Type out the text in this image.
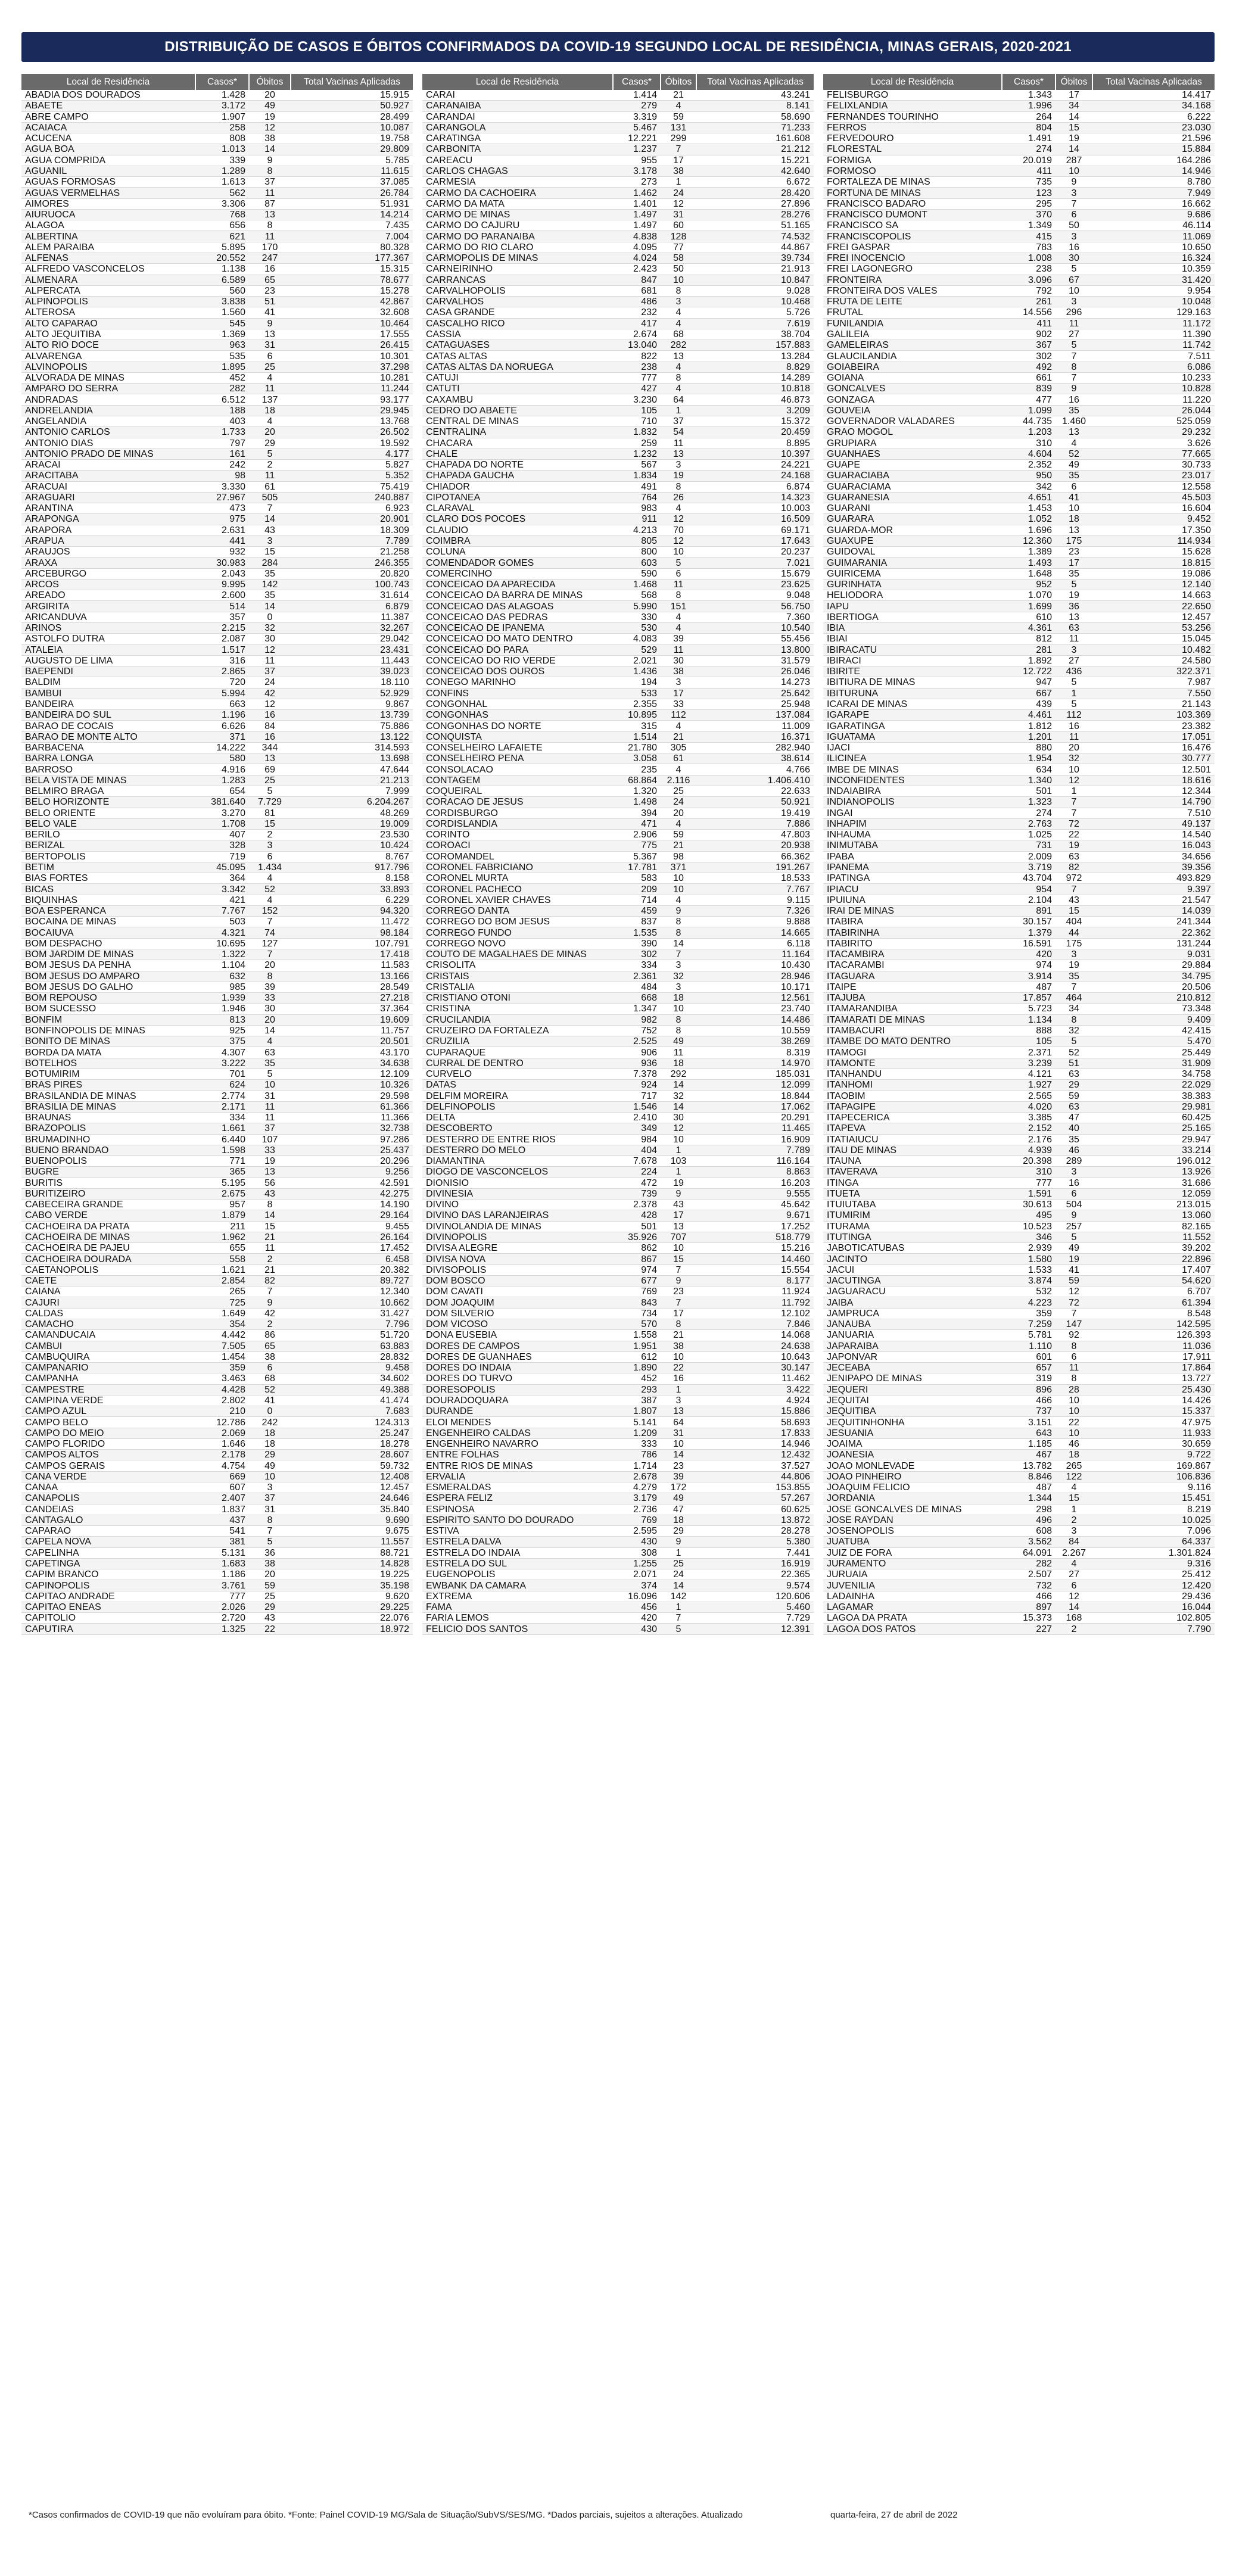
DISTRIBUIÇÃO DE CASOS E ÓBITOS CONFIRMADOS DA COVID-19 SEGUNDO LOCAL DE RESIDÊNCIA, MINAS GERAIS, 2020-2021
Local de Residência	Casos*	Óbitos	Total Vacinas Aplicadas
ABADIA DOS DOURADOS	1.428	20	15.915
ABAETE	3.172	49	50.927
ABRE CAMPO	1.907	19	28.499
ACAIACA	258	12	10.087
ACUCENA	808	38	19.758
AGUA BOA	1.013	14	29.809
AGUA COMPRIDA	339	9	5.785
AGUANIL	1.289	8	11.615
AGUAS FORMOSAS	1.613	37	37.085
AGUAS VERMELHAS	562	11	26.784
AIMORES	3.306	87	51.931
AIURUOCA	768	13	14.214
ALAGOA	656	8	7.435
ALBERTINA	621	11	7.004
ALEM PARAIBA	5.895	170	80.328
ALFENAS	20.552	247	177.367
ALFREDO VASCONCELOS	1.138	16	15.315
ALMENARA	6.589	65	78.677
ALPERCATA	560	23	15.278
ALPINOPOLIS	3.838	51	42.867
ALTEROSA	1.560	41	32.608
ALTO CAPARAO	545	9	10.464
ALTO JEQUITIBA	1.369	13	17.555
ALTO RIO DOCE	963	31	26.415
ALVARENGA	535	6	10.301
ALVINOPOLIS	1.895	25	37.298
ALVORADA DE MINAS	452	4	10.281
AMPARO DO SERRA	282	11	11.244
ANDRADAS	6.512	137	93.177
ANDRELANDIA	188	18	29.945
ANGELANDIA	403	4	13.768
ANTONIO CARLOS	1.733	20	26.502
ANTONIO DIAS	797	29	19.592
ANTONIO PRADO DE MINAS	161	5	4.177
ARACAI	242	2	5.827
ARACITABA	98	11	5.352
ARACUAI	3.330	61	75.419
ARAGUARI	27.967	505	240.887
ARANTINA	473	7	6.923
ARAPONGA	975	14	20.901
ARAPORA	2.631	43	18.309
ARAPUA	441	3	7.789
ARAUJOS	932	15	21.258
ARAXA	30.983	284	246.355
ARCEBURGO	2.043	35	20.820
ARCOS	9.995	142	100.743
AREADO	2.600	35	31.614
ARGIRITA	514	14	6.879
ARICANDUVA	357	0	11.387
ARINOS	2.215	32	32.267
ASTOLFO DUTRA	2.087	30	29.042
ATALEIA	1.517	12	23.431
AUGUSTO DE LIMA	316	11	11.443
BAEPENDI	2.865	37	39.023
BALDIM	720	24	18.110
BAMBUI	5.994	42	52.929
BANDEIRA	663	12	9.867
BANDEIRA DO SUL	1.196	16	13.739
BARAO DE COCAIS	6.626	84	75.886
BARAO DE MONTE ALTO	371	16	13.122
BARBACENA	14.222	344	314.593
BARRA LONGA	580	13	13.698
BARROSO	4.916	69	47.644
BELA VISTA DE MINAS	1.283	25	21.213
BELMIRO BRAGA	654	5	7.999
BELO HORIZONTE	381.640	7.729	6.204.267
BELO ORIENTE	3.270	81	48.269
BELO VALE	1.708	15	19.009
BERILO	407	2	23.530
BERIZAL	328	3	10.424
BERTOPOLIS	719	6	8.767
BETIM	45.095	1.434	917.796
BIAS FORTES	364	4	8.158
BICAS	3.342	52	33.893
BIQUINHAS	421	4	6.229
BOA ESPERANCA	7.767	152	94.320
BOCAINA DE MINAS	503	7	11.472
BOCAIUVA	4.321	74	98.184
BOM DESPACHO	10.695	127	107.791
BOM JARDIM DE MINAS	1.322	7	17.418
BOM JESUS DA PENHA	1.104	20	11.583
BOM JESUS DO AMPARO	632	8	13.166
BOM JESUS DO GALHO	985	39	28.549
BOM REPOUSO	1.939	33	27.218
BOM SUCESSO	1.946	30	37.364
BONFIM	813	20	19.609
BONFINOPOLIS DE MINAS	925	14	11.757
BONITO DE MINAS	375	4	20.501
BORDA DA MATA	4.307	63	43.170
BOTELHOS	3.222	35	34.638
BOTUMIRIM	701	5	12.109
BRAS PIRES	624	10	10.326
BRASILANDIA DE MINAS	2.774	31	29.598
BRASILIA DE MINAS	2.171	11	61.366
BRAUNAS	334	11	11.366
BRAZOPOLIS	1.661	37	32.738
BRUMADINHO	6.440	107	97.286
BUENO BRANDAO	1.598	33	25.437
BUENOPOLIS	771	19	20.296
BUGRE	365	13	9.256
BURITIS	5.195	56	42.591
BURITIZEIRO	2.675	43	42.275
CABECEIRA GRANDE	957	8	14.190
CABO VERDE	1.879	14	29.164
CACHOEIRA DA PRATA	211	15	9.455
CACHOEIRA DE MINAS	1.962	21	26.164
CACHOEIRA DE PAJEU	655	11	17.452
CACHOEIRA DOURADA	558	2	6.458
CAETANOPOLIS	1.621	21	20.382
CAETE	2.854	82	89.727
CAIANA	265	7	12.340
CAJURI	725	9	10.662
CALDAS	1.649	42	31.427
CAMACHO	354	2	7.796
CAMANDUCAIA	4.442	86	51.720
CAMBUI	7.505	65	63.883
CAMBUQUIRA	1.454	38	28.832
CAMPANARIO	359	6	9.458
CAMPANHA	3.463	68	34.602
CAMPESTRE	4.428	52	49.388
CAMPINA VERDE	2.802	41	41.474
CAMPO AZUL	210	0	7.683
CAMPO BELO	12.786	242	124.313
CAMPO DO MEIO	2.069	18	25.247
CAMPO FLORIDO	1.646	18	18.278
CAMPOS ALTOS	2.178	29	28.607
CAMPOS GERAIS	4.754	49	59.732
CANA VERDE	669	10	12.408
CANAA	607	3	12.457
CANAPOLIS	2.407	37	24.646
CANDEIAS	1.837	31	35.840
CANTAGALO	437	8	9.690
CAPARAO	541	7	9.675
CAPELA NOVA	381	5	11.557
CAPELINHA	5.131	36	88.721
CAPETINGA	1.683	38	14.828
CAPIM BRANCO	1.186	20	19.225
CAPINOPOLIS	3.761	59	35.198
CAPITAO ANDRADE	777	25	9.620
CAPITAO ENEAS	2.026	29	29.225
CAPITOLIO	2.720	43	22.076
CAPUTIRA	1.325	22	18.972
Local de Residência	Casos*	Óbitos	Total Vacinas Aplicadas
CARAI	1.414	21	43.241
CARANAIBA	279	4	8.141
CARANDAI	3.319	59	58.690
CARANGOLA	5.467	131	71.233
CARATINGA	12.221	299	161.608
CARBONITA	1.237	7	21.212
CAREACU	955	17	15.221
CARLOS CHAGAS	3.178	38	42.640
CARMESIA	273	1	6.672
CARMO DA CACHOEIRA	1.462	24	28.420
CARMO DA MATA	1.401	12	27.896
CARMO DE MINAS	1.497	31	28.276
CARMO DO CAJURU	1.497	60	51.165
CARMO DO PARANAIBA	4.838	128	74.532
CARMO DO RIO CLARO	4.095	77	44.867
CARMOPOLIS DE MINAS	4.024	58	39.734
CARNEIRINHO	2.423	50	21.913
CARRANCAS	847	10	10.847
CARVALHOPOLIS	681	8	9.028
CARVALHOS	486	3	10.468
CASA GRANDE	232	4	5.726
CASCALHO RICO	417	4	7.619
CASSIA	2.674	68	38.704
CATAGUASES	13.040	282	157.883
CATAS ALTAS	822	13	13.284
CATAS ALTAS DA NORUEGA	238	4	8.829
CATUJI	777	8	14.289
CATUTI	427	4	10.818
CAXAMBU	3.230	64	46.873
CEDRO DO ABAETE	105	1	3.209
CENTRAL DE MINAS	710	37	15.372
CENTRALINA	1.832	54	20.459
CHACARA	259	11	8.895
CHALE	1.232	13	10.397
CHAPADA DO NORTE	567	3	24.221
CHAPADA GAUCHA	1.834	19	24.168
CHIADOR	491	8	6.874
CIPOTANEA	764	26	14.323
CLARAVAL	983	4	10.003
CLARO DOS POCOES	911	12	16.509
CLAUDIO	4.213	70	69.171
COIMBRA	805	12	17.643
COLUNA	800	10	20.237
COMENDADOR GOMES	603	5	7.021
COMERCINHO	590	6	15.679
CONCEICAO DA APARECIDA	1.468	11	23.625
CONCEICAO DA BARRA DE MINAS	568	8	9.048
CONCEICAO DAS ALAGOAS	5.990	151	56.750
CONCEICAO DAS PEDRAS	330	4	7.360
CONCEICAO DE IPANEMA	530	4	10.540
CONCEICAO DO MATO DENTRO	4.083	39	55.456
CONCEICAO DO PARA	529	11	13.800
CONCEICAO DO RIO VERDE	2.021	30	31.579
CONCEICAO DOS OUROS	1.436	38	26.046
CONEGO MARINHO	194	3	14.273
CONFINS	533	17	25.642
CONGONHAL	2.355	33	25.948
CONGONHAS	10.895	112	137.084
CONGONHAS DO NORTE	315	4	11.009
CONQUISTA	1.514	21	16.371
CONSELHEIRO LAFAIETE	21.780	305	282.940
CONSELHEIRO PENA	3.058	61	38.614
CONSOLACAO	235	4	4.766
CONTAGEM	68.864	2.116	1.406.410
COQUEIRAL	1.320	25	22.633
CORACAO DE JESUS	1.498	24	50.921
CORDISBURGO	394	20	19.419
CORDISLANDIA	471	4	7.886
CORINTO	2.906	59	47.803
COROACI	775	21	20.938
COROMANDEL	5.367	98	66.362
CORONEL FABRICIANO	17.781	371	191.267
CORONEL MURTA	583	10	18.533
CORONEL PACHECO	209	10	7.767
CORONEL XAVIER CHAVES	714	4	9.115
CORREGO DANTA	459	9	7.326
CORREGO DO BOM JESUS	837	8	9.888
CORREGO FUNDO	1.535	8	14.665
CORREGO NOVO	390	14	6.118
COUTO DE MAGALHAES DE MINAS	302	7	11.164
CRISOLITA	334	3	10.430
CRISTAIS	2.361	32	28.946
CRISTALIA	484	3	10.171
CRISTIANO OTONI	668	18	12.561
CRISTINA	1.347	10	23.740
CRUCILANDIA	982	8	14.486
CRUZEIRO DA FORTALEZA	752	8	10.559
CRUZILIA	2.525	49	38.269
CUPARAQUE	906	11	8.319
CURRAL DE DENTRO	936	18	14.970
CURVELO	7.378	292	185.031
DATAS	924	14	12.099
DELFIM MOREIRA	717	32	18.844
DELFINOPOLIS	1.546	14	17.062
DELTA	2.410	30	20.291
DESCOBERTO	349	12	11.465
DESTERRO DE ENTRE RIOS	984	10	16.909
DESTERRO DO MELO	404	1	7.789
DIAMANTINA	7.678	103	116.164
DIOGO DE VASCONCELOS	224	1	8.863
DIONISIO	472	19	16.203
DIVINESIA	739	9	9.555
DIVINO	2.378	43	45.642
DIVINO DAS LARANJEIRAS	428	17	9.671
DIVINOLANDIA DE MINAS	501	13	17.252
DIVINOPOLIS	35.926	707	518.779
DIVISA ALEGRE	862	10	15.216
DIVISA NOVA	867	15	14.460
DIVISOPOLIS	974	7	15.554
DOM BOSCO	677	9	8.177
DOM CAVATI	769	23	11.924
DOM JOAQUIM	843	7	11.792
DOM SILVERIO	734	17	12.102
DOM VICOSO	570	8	7.846
DONA EUSEBIA	1.558	21	14.068
DORES DE CAMPOS	1.951	38	24.638
DORES DE GUANHAES	612	10	10.643
DORES DO INDAIA	1.890	22	30.147
DORES DO TURVO	452	16	11.462
DORESOPOLIS	293	1	3.422
DOURADOQUARA	387	3	4.924
DURANDE	1.807	13	15.886
ELOI MENDES	5.141	64	58.693
ENGENHEIRO CALDAS	1.209	31	17.833
ENGENHEIRO NAVARRO	333	10	14.946
ENTRE FOLHAS	786	14	12.432
ENTRE RIOS DE MINAS	1.714	23	37.527
ERVALIA	2.678	39	44.806
ESMERALDAS	4.279	172	153.855
ESPERA FELIZ	3.179	49	57.267
ESPINOSA	2.736	47	60.625
ESPIRITO SANTO DO DOURADO	769	18	13.872
ESTIVA	2.595	29	28.278
ESTRELA DALVA	430	9	5.380
ESTRELA DO INDAIA	308	1	7.441
ESTRELA DO SUL	1.255	25	16.919
EUGENOPOLIS	2.071	24	22.365
EWBANK DA CAMARA	374	14	9.574
EXTREMA	16.096	142	120.606
FAMA	456	1	5.460
FARIA LEMOS	420	7	7.729
FELICIO DOS SANTOS	430	5	12.391
Local de Residência	Casos*	Óbitos	Total Vacinas Aplicadas
FELISBURGO	1.343	17	14.417
FELIXLANDIA	1.996	34	34.168
FERNANDES TOURINHO	264	14	6.222
FERROS	804	15	23.030
FERVEDOURO	1.491	19	21.596
FLORESTAL	274	14	15.884
FORMIGA	20.019	287	164.286
FORMOSO	411	10	14.946
FORTALEZA DE MINAS	735	9	8.780
FORTUNA DE MINAS	123	3	7.949
FRANCISCO BADARO	295	7	16.662
FRANCISCO DUMONT	370	6	9.686
FRANCISCO SA	1.349	50	46.114
FRANCISCOPOLIS	415	3	11.069
FREI GASPAR	783	16	10.650
FREI INOCENCIO	1.008	30	16.324
FREI LAGONEGRO	238	5	10.359
FRONTEIRA	3.096	67	31.420
FRONTEIRA DOS VALES	792	10	9.954
FRUTA DE LEITE	261	3	10.048
FRUTAL	14.556	296	129.163
FUNILANDIA	411	11	11.172
GALILEIA	902	27	11.390
GAMELEIRAS	367	5	11.742
GLAUCILANDIA	302	7	7.511
GOIABEIRA	492	8	6.086
GOIANA	661	7	10.233
GONCALVES	839	9	10.828
GONZAGA	477	16	11.220
GOUVEIA	1.099	35	26.044
GOVERNADOR VALADARES	44.735	1.460	525.059
GRAO MOGOL	1.203	13	29.232
GRUPIARA	310	4	3.626
GUANHAES	4.604	52	77.665
GUAPE	2.352	49	30.733
GUARACIABA	950	35	23.017
GUARACIAMA	342	6	12.558
GUARANESIA	4.651	41	45.503
GUARANI	1.453	10	16.604
GUARARA	1.052	18	9.452
GUARDA-MOR	1.696	13	17.350
GUAXUPE	12.360	175	114.934
GUIDOVAL	1.389	23	15.628
GUIMARANIA	1.493	17	18.815
GUIRICEMA	1.648	35	19.086
GURINHATA	952	5	12.140
HELIODORA	1.070	19	14.663
IAPU	1.699	36	22.650
IBERTIOGA	610	13	12.457
IBIA	4.361	63	53.256
IBIAI	812	11	15.045
IBIRACATU	281	3	10.482
IBIRACI	1.892	27	24.580
IBIRITE	12.722	436	322.371
IBITIURA DE MINAS	947	5	7.987
IBITURUNA	667	1	7.550
ICARAI DE MINAS	439	5	21.143
IGARAPE	4.461	112	103.369
IGARATINGA	1.812	16	23.382
IGUATAMA	1.201	11	17.051
IJACI	880	20	16.476
ILICINEA	1.954	32	30.777
IMBE DE MINAS	634	10	12.501
INCONFIDENTES	1.340	12	18.616
INDAIABIRA	501	1	12.344
INDIANOPOLIS	1.323	7	14.790
INGAI	274	7	7.510
INHAPIM	2.763	72	49.137
INHAUMA	1.025	22	14.540
INIMUTABA	731	19	16.043
IPABA	2.009	63	34.656
IPANEMA	3.719	82	39.356
IPATINGA	43.704	972	493.829
IPIACU	954	7	9.397
IPUIUNA	2.104	43	21.547
IRAI DE MINAS	891	15	14.039
ITABIRA	30.157	404	241.344
ITABIRINHA	1.379	44	22.362
ITABIRITO	16.591	175	131.244
ITACAMBIRA	420	3	9.031
ITACARAMBI	974	19	29.884
ITAGUARA	3.914	35	34.795
ITAIPE	487	7	20.506
ITAJUBA	17.857	464	210.812
ITAMARANDIBA	5.723	34	73.348
ITAMARATI DE MINAS	1.134	8	9.409
ITAMBACURI	888	32	42.415
ITAMBE DO MATO DENTRO	105	5	5.470
ITAMOGI	2.371	52	25.449
ITAMONTE	3.239	51	31.909
ITANHANDU	4.121	63	34.758
ITANHOMI	1.927	29	22.029
ITAOBIM	2.565	59	38.383
ITAPAGIPE	4.020	63	29.981
ITAPECERICA	3.385	47	60.425
ITAPEVA	2.152	40	25.165
ITATIAIUCU	2.176	35	29.947
ITAU DE MINAS	4.939	46	33.214
ITAUNA	20.398	289	196.012
ITAVERAVA	310	3	13.926
ITINGA	777	16	31.686
ITUETA	1.591	6	12.059
ITUIUTABA	30.613	504	213.015
ITUMIRIM	495	9	13.060
ITURAMA	10.523	257	82.165
ITUTINGA	346	5	11.552
JABOTICATUBAS	2.939	49	39.202
JACINTO	1.580	19	22.896
JACUI	1.533	41	17.407
JACUTINGA	3.874	59	54.620
JAGUARACU	532	12	6.707
JAIBA	4.223	72	61.394
JAMPRUCA	359	7	8.548
JANAUBA	7.259	147	142.595
JANUARIA	5.781	92	126.393
JAPARAIBA	1.110	8	11.036
JAPONVAR	601	6	17.911
JECEABA	657	11	17.864
JENIPAPO DE MINAS	319	8	13.727
JEQUERI	896	28	25.430
JEQUITAI	466	10	14.426
JEQUITIBA	737	10	15.337
JEQUITINHONHA	3.151	22	47.975
JESUANIA	643	10	11.933
JOAIMA	1.185	46	30.659
JOANESIA	467	18	9.722
JOAO MONLEVADE	13.782	265	169.867
JOAO PINHEIRO	8.846	122	106.836
JOAQUIM FELICIO	487	4	9.116
JORDANIA	1.344	15	15.451
JOSE GONCALVES DE MINAS	298	1	8.219
JOSE RAYDAN	496	2	10.025
JOSENOPOLIS	608	3	7.096
JUATUBA	3.562	84	64.337
JUIZ DE FORA	64.091	2.267	1.301.824
JURAMENTO	282	4	9.316
JURUAIA	2.507	27	25.412
JUVENILIA	732	6	12.420
LADAINHA	466	12	29.436
LAGAMAR	897	14	16.044
LAGOA DA PRATA	15.373	168	102.805
LAGOA DOS PATOS	227	2	7.790
*Casos confirmados de COVID-19 que não evoluíram para óbito. *Fonte: Painel COVID-19 MG/Sala de Situação/SubVS/SES/MG. *Dados parciais, sujeitos a alterações. Atualizado	quarta-feira, 27 de abril de 2022
